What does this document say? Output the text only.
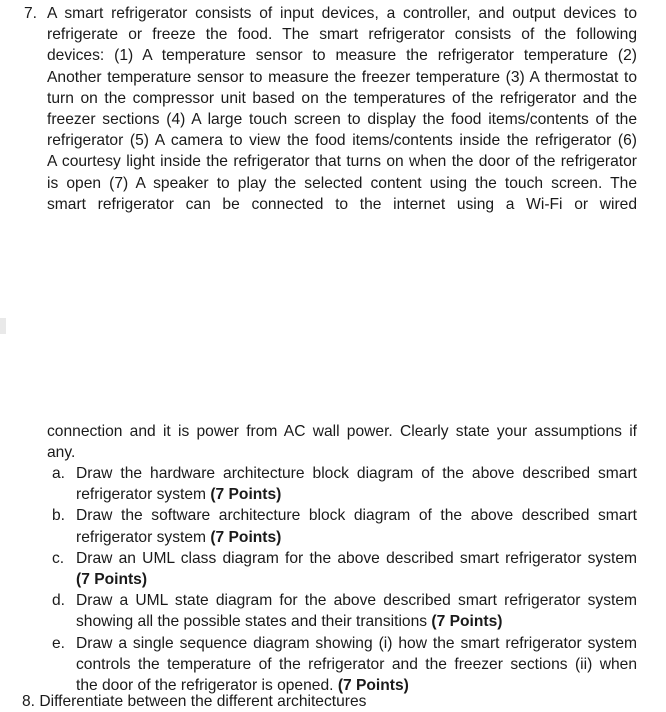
7. A smart refrigerator consists of input devices, a controller, and output devices to
refrigerate or freeze the food. The smart refrigerator consists of the following
devices: (1) A temperature sensor to measure the refrigerator temperature (2)
Another temperature sensor to measure the freezer temperature (3) A thermostat to
turn on the compressor unit based on the temperatures of the refrigerator and the
freezer sections (4) A large touch screen to display the food items/contents of the
refrigerator (5) A camera to view the food items/contents inside the refrigerator (6)
A courtesy light inside the refrigerator that turns on when the door of the refrigerator
is open (7) A speaker to play the selected content using the touch screen. The
smart refrigerator can be connected to the internet using a Wi-Fi or wired
connection and it is power from AC wall power. Clearly state your assumptions if
any.
a. Draw the hardware architecture block diagram of the above described smart
refrigerator system (7 Points)
b. Draw the software architecture block diagram of the above described smart
refrigerator system (7 Points)
c. Draw an UML class diagram for the above described smart refrigerator system
(7 Points)
d. Draw a UML state diagram for the above described smart refrigerator system
showing all the possible states and their transitions (7 Points)
e. Draw a single sequence diagram showing (i) how the smart refrigerator system
controls the temperature of the refrigerator and the freezer sections (ii) when
the door of the refrigerator is opened. (7 Points)
8. Differentiate between the different architectures
